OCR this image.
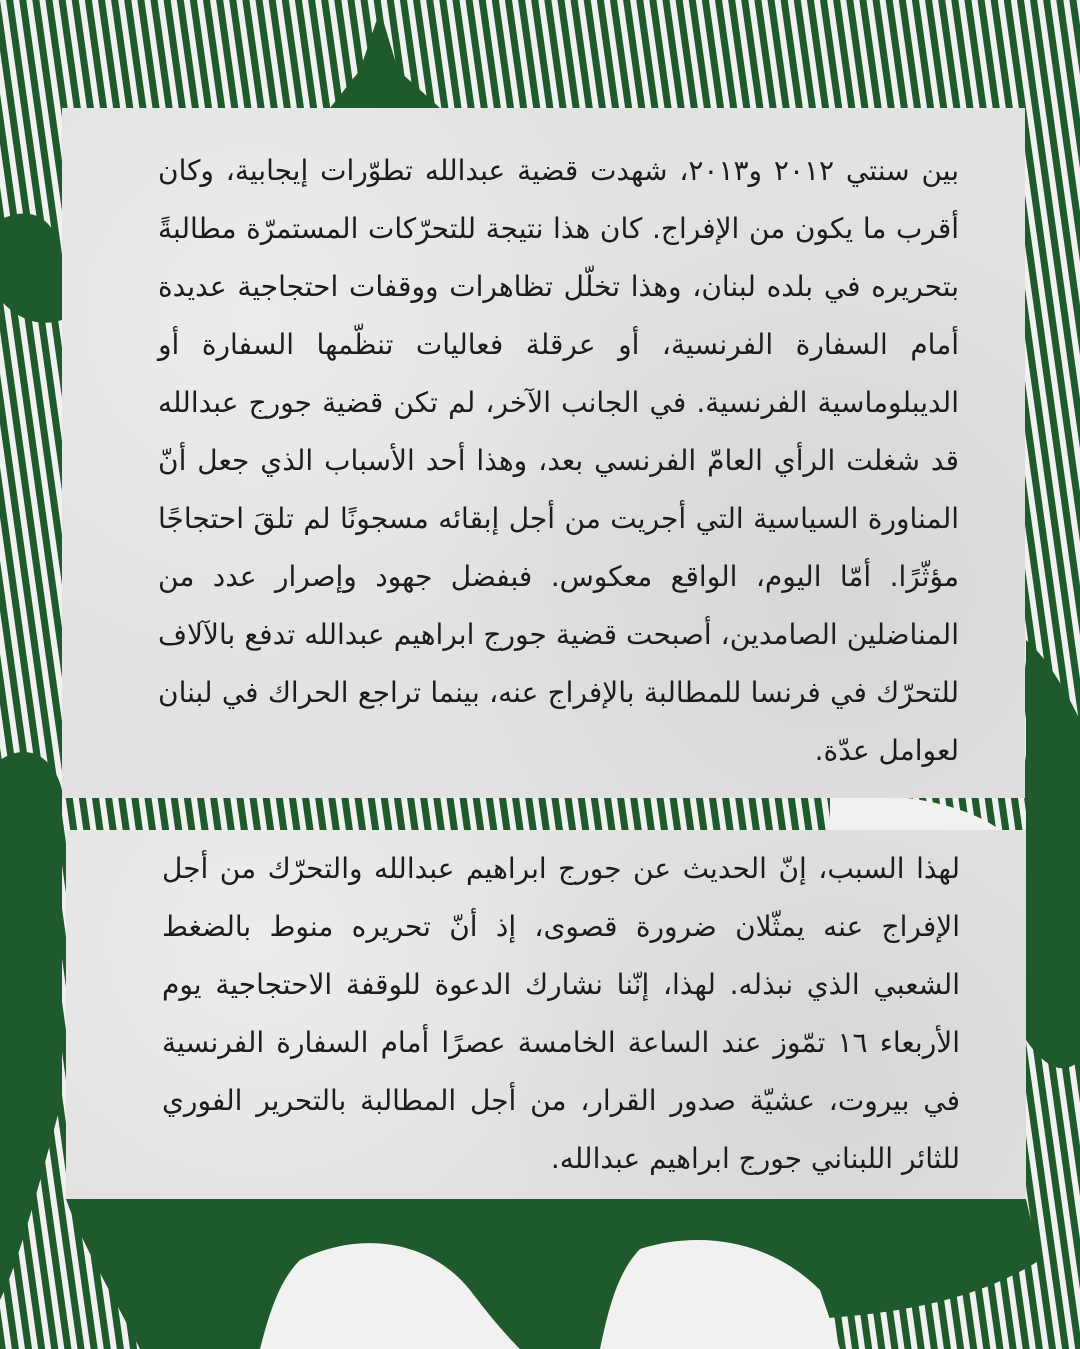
بين سنتي ٢٠١٢ و٢٠١٣، شهدت قضية عبدالله تطوّرات إيجابية، وكان أقرب ما يكون من الإفراج. كان هذا نتيجة للتحرّكات المستمرّة مطالبةً بتحريره في بلده لبنان، وهذا تخلّل تظاهرات ووقفات احتجاجية عديدة أمام السفارة الفرنسية، أو عرقلة فعاليات تنظّمها السفارة أو الديبلوماسية الفرنسية. في الجانب الآخر، لم تكن قضية جورج عبدالله قد شغلت الرأي العامّ الفرنسي بعد، وهذا أحد الأسباب الذي جعل أنّ المناورة السياسية التي أجريت من أجل إبقائه مسجونًا لم تلقَ احتجاجًا مؤثّرًا. أمّا اليوم، الواقع معكوس. فبفضل جهود وإصرار عدد من المناضلين الصامدين، أصبحت قضية جورج ابراهيم عبدالله تدفع بالآلاف للتحرّك في فرنسا للمطالبة بالإفراج عنه، بينما تراجع الحراك في لبنان لعوامل عدّة.

لهذا السبب، إنّ الحديث عن جورج ابراهيم عبدالله والتحرّك من أجل الإفراج عنه يمثّلان ضرورة قصوى، إذ أنّ تحريره منوط بالضغط الشعبي الذي نبذله. لهذا، إنّنا نشارك الدعوة للوقفة الاحتجاجية يوم الأربعاء ١٦ تمّوز عند الساعة الخامسة عصرًا أمام السفارة الفرنسية في بيروت، عشيّة صدور القرار، من أجل المطالبة بالتحرير الفوري للثائر اللبناني جورج ابراهيم عبدالله.
